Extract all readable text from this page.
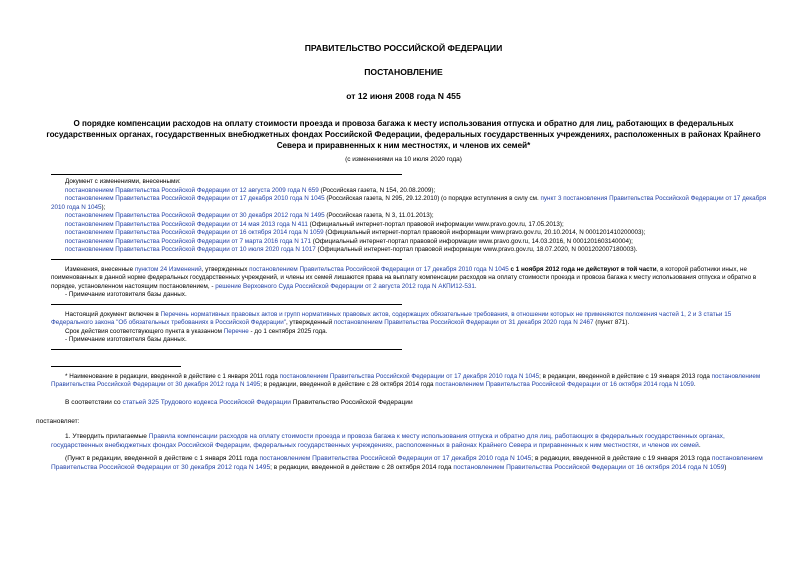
ПРАВИТЕЛЬСТВО РОССИЙСКОЙ ФЕДЕРАЦИИ
ПОСТАНОВЛЕНИЕ
от 12 июня 2008 года N 455
О порядке компенсации расходов на оплату стоимости проезда и провоза багажа к месту использования отпуска и обратно для лиц, работающих в федеральных государственных органах, государственных внебюджетных фондах Российской Федерации, федеральных государственных учреждениях, расположенных в районах Крайнего Севера и приравненных к ним местностях, и членов их семей*
(с изменениями на 10 июля 2020 года)
Документ с изменениями, внесенными:
постановлением Правительства Российской Федерации от 12 августа 2009 года N 659 (Российская газета, N 154, 20.08.2009);
постановлением Правительства Российской Федерации от 17 декабря 2010 года N 1045 (Российская газета, N 295, 29.12.2010) (о порядке вступления в силу см. пункт 3 постановления Правительства Российской Федерации от 17 декабря 2010 года N 1045);
постановлением Правительства Российской Федерации от 30 декабря 2012 года N 1495 (Российская газета, N 3, 11.01.2013);
постановлением Правительства Российской Федерации от 14 мая 2013 года N 411 (Официальный интернет-портал правовой информации www.pravo.gov.ru, 17.05.2013);
постановлением Правительства Российской Федерации от 16 октября 2014 года N 1059 (Официальный интернет-портал правовой информации www.pravo.gov.ru, 20.10.2014, N 0001201410200003);
постановлением Правительства Российской Федерации от 7 марта 2016 года N 171 (Официальный интернет-портал правовой информации www.pravo.gov.ru, 14.03.2016, N 0001201603140004);
постановлением Правительства Российской Федерации от 10 июля 2020 года N 1017 (Официальный интернет-портал правовой информации www.pravo.gov.ru, 18.07.2020, N 0001202007180003).
Изменения, внесенные пунктом 24 Изменений, утвержденных постановлением Правительства Российской Федерации от 17 декабря 2010 года N 1045 с 1 ноября 2012 года не действуют в той части, в которой работники иных, не поименованных в данной норме федеральных государственных учреждений, и члены их семей лишаются права на выплату компенсации расходов на оплату стоимости проезда и провоза багажа к месту использования отпуска и обратно в порядке, установленном настоящим постановлением, - решение Верховного Суда Российской Федерации от 2 августа 2012 года N АКПИ12-531.
- Примечание изготовителя базы данных.
Настоящий документ включен в Перечень нормативных правовых актов и групп нормативных правовых актов, содержащих обязательные требования, в отношении которых не применяются положения частей 1, 2 и 3 статьи 15 Федерального закона "Об обязательных требованиях в Российской Федерации", утвержденный постановлением Правительства Российской Федерации от 31 декабря 2020 года N 2467 (пункт 871).
Срок действия соответствующего пункта в указанном Перечне - до 1 сентября 2025 года.
- Примечание изготовителя базы данных.
* Наименование в редакции, введенной в действие с 1 января 2011 года постановлением Правительства Российской Федерации от 17 декабря 2010 года N 1045; в редакции, введенной в действие с 19 января 2013 года постановлением Правительства Российской Федерации от 30 декабря 2012 года N 1495; в редакции, введенной в действие с 28 октября 2014 года постановлением Правительства Российской Федерации от 16 октября 2014 года N 1059.
В соответствии со статьей 325 Трудового кодекса Российской Федерации Правительство Российской Федерации
постановляет:
1. Утвердить прилагаемые Правила компенсации расходов на оплату стоимости проезда и провоза багажа к месту использования отпуска и обратно для лиц, работающих в федеральных государственных органах, государственных внебюджетных фондах Российской Федерации, федеральных государственных учреждениях, расположенных в районах Крайнего Севера и приравненных к ним местностях, и членов их семей.
(Пункт в редакции, введенной в действие с 1 января 2011 года постановлением Правительства Российской Федерации от 17 декабря 2010 года N 1045; в редакции, введенной в действие с 19 января 2013 года постановлением Правительства Российской Федерации от 30 декабря 2012 года N 1495; в редакции, введенной в действие с 28 октября 2014 года постановлением Правительства Российской Федерации от 16 октября 2014 года N 1059)
